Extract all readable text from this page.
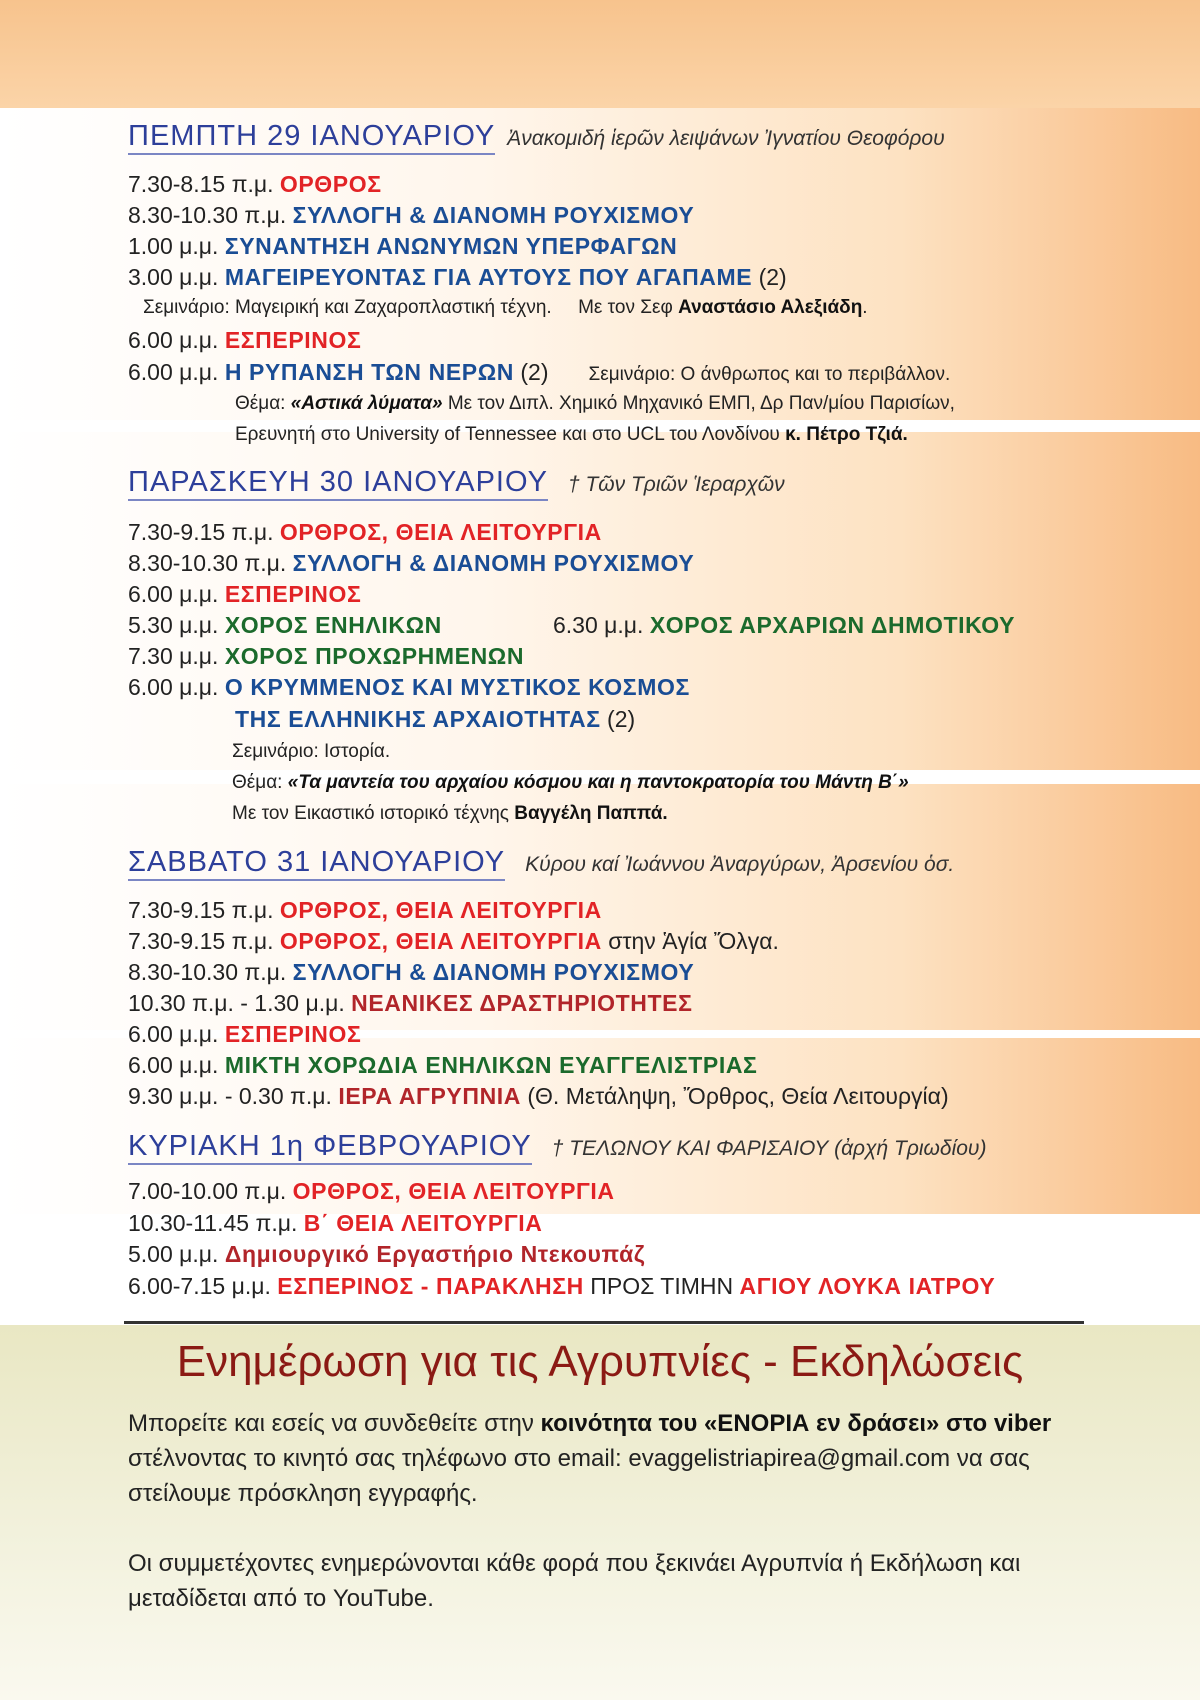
ΠΕΜΠΤΗ 29 ΙΑΝΟΥΑΡΙΟΥ Ἀνακομιδή ἱερῶν λειψάνων Ἰγνατίου Θεοφόρου
7.30-8.15 π.μ. ΟΡΘΡΟΣ
8.30-10.30 π.μ. ΣΥΛΛΟΓΗ & ΔΙΑΝΟΜΗ ΡΟΥΧΙΣΜΟΥ
1.00 μ.μ. ΣΥΝΑΝΤΗΣΗ ΑΝΩΝΥΜΩΝ ΥΠΕΡΦΑΓΩΝ
3.00 μ.μ. ΜΑΓΕΙΡΕΥΟΝΤΑΣ ΓΙΑ ΑΥΤΟΥΣ ΠΟΥ ΑΓΑΠΑΜΕ (2)
Σεμινάριο: Μαγειρική και Ζαχαροπλαστική τέχνη. Με τον Σεφ Αναστάσιο Αλεξιάδη.
6.00 μ.μ. ΕΣΠΕΡΙΝΟΣ
6.00 μ.μ. Η ΡΥΠΑΝΣΗ ΤΩΝ ΝΕΡΩΝ (2) Σεμινάριο: Ο άνθρωπος και το περιβάλλον.
Θέμα: «Αστικά λύματα» Με τον Διπλ. Χημικό Μηχανικό ΕΜΠ, Δρ Παν/μίου Παρισίων,
Ερευνητή στο University of Tennessee και στο UCL του Λονδίνου κ. Πέτρο Τζιά.
ΠΑΡΑΣΚΕΥΗ 30 ΙΑΝΟΥΑΡΙΟΥ † Τῶν Τριῶν Ἱεραρχῶν
7.30-9.15 π.μ. ΟΡΘΡΟΣ, ΘΕΙΑ ΛΕΙΤΟΥΡΓΙΑ
8.30-10.30 π.μ. ΣΥΛΛΟΓΗ & ΔΙΑΝΟΜΗ ΡΟΥΧΙΣΜΟΥ
6.00 μ.μ. ΕΣΠΕΡΙΝΟΣ
5.30 μ.μ. ΧΟΡΟΣ ΕΝΗΛΙΚΩΝ	6.30 μ.μ. ΧΟΡΟΣ ΑΡΧΑΡΙΩΝ ΔΗΜΟΤΙΚΟΥ
7.30 μ.μ. ΧΟΡΟΣ ΠΡΟΧΩΡΗΜΕΝΩΝ
6.00 μ.μ. Ο ΚΡΥΜΜΕΝΟΣ ΚΑΙ ΜΥΣΤΙΚΟΣ ΚΟΣΜΟΣ
ΤΗΣ ΕΛΛΗΝΙΚΗΣ ΑΡΧΑΙΟΤΗΤΑΣ (2)
Σεμινάριο: Ιστορία.
Θέμα: «Τα μαντεία του αρχαίου κόσμου και η παντοκρατορία του Μάντη Β΄»
Με τον Εικαστικό ιστορικό τέχνης Βαγγέλη Παππά.
ΣΑΒΒΑΤΟ 31 ΙΑΝΟΥΑΡΙΟΥ Κύρου καί Ἰωάννου Ἀναργύρων, Ἀρσενίου ὁσ.
7.30-9.15 π.μ. ΟΡΘΡΟΣ, ΘΕΙΑ ΛΕΙΤΟΥΡΓΙΑ
7.30-9.15 π.μ. ΟΡΘΡΟΣ, ΘΕΙΑ ΛΕΙΤΟΥΡΓΙΑ στην Ἁγία Ὄλγα.
8.30-10.30 π.μ. ΣΥΛΛΟΓΗ & ΔΙΑΝΟΜΗ ΡΟΥΧΙΣΜΟΥ
10.30 π.μ. - 1.30 μ.μ. ΝΕΑΝΙΚΕΣ ΔΡΑΣΤΗΡΙΟΤΗΤΕΣ
6.00 μ.μ. ΕΣΠΕΡΙΝΟΣ
6.00 μ.μ. ΜΙΚΤΗ ΧΟΡΩΔΙΑ ΕΝΗΛΙΚΩΝ ΕΥΑΓΓΕΛΙΣΤΡΙΑΣ
9.30 μ.μ. - 0.30 π.μ. ΙΕΡΑ ΑΓΡΥΠΝΙΑ (Θ. Μετάληψη, Ὄρθρος, Θεία Λειτουργία)
ΚΥΡΙΑΚΗ 1η ΦΕΒΡΟΥΑΡΙΟΥ † ΤΕΛΩΝΟΥ ΚΑΙ ΦΑΡΙΣΑΙΟΥ (ἀρχή Τριωδίου)
7.00-10.00 π.μ. ΟΡΘΡΟΣ, ΘΕΙΑ ΛΕΙΤΟΥΡΓΙΑ
10.30-11.45 π.μ. Β΄ ΘΕΙΑ ΛΕΙΤΟΥΡΓΙΑ
5.00 μ.μ. Δημιουργικό Εργαστήριο Ντεκουπάζ
6.00-7.15 μ.μ. ΕΣΠΕΡΙΝΟΣ - ΠΑΡΑΚΛΗΣΗ ΠΡΟΣ ΤΙΜΗΝ ΑΓΙΟΥ ΛΟΥΚΑ ΙΑΤΡΟΥ
Ενημέρωση για τις Αγρυπνίες - Εκδηλώσεις
Μπορείτε και εσείς να συνδεθείτε στην κοινότητα του «ΕΝΟΡΙΑ εν δράσει» στο viber στέλνοντας το κινητό σας τηλέφωνο στο email: evaggelistriapirea@gmail.com να σας στείλουμε πρόσκληση εγγραφής.
Οι συμμετέχοντες ενημερώνονται κάθε φορά που ξεκινάει Αγρυπνία ή Εκδήλωση και μεταδίδεται από το YouTube.
